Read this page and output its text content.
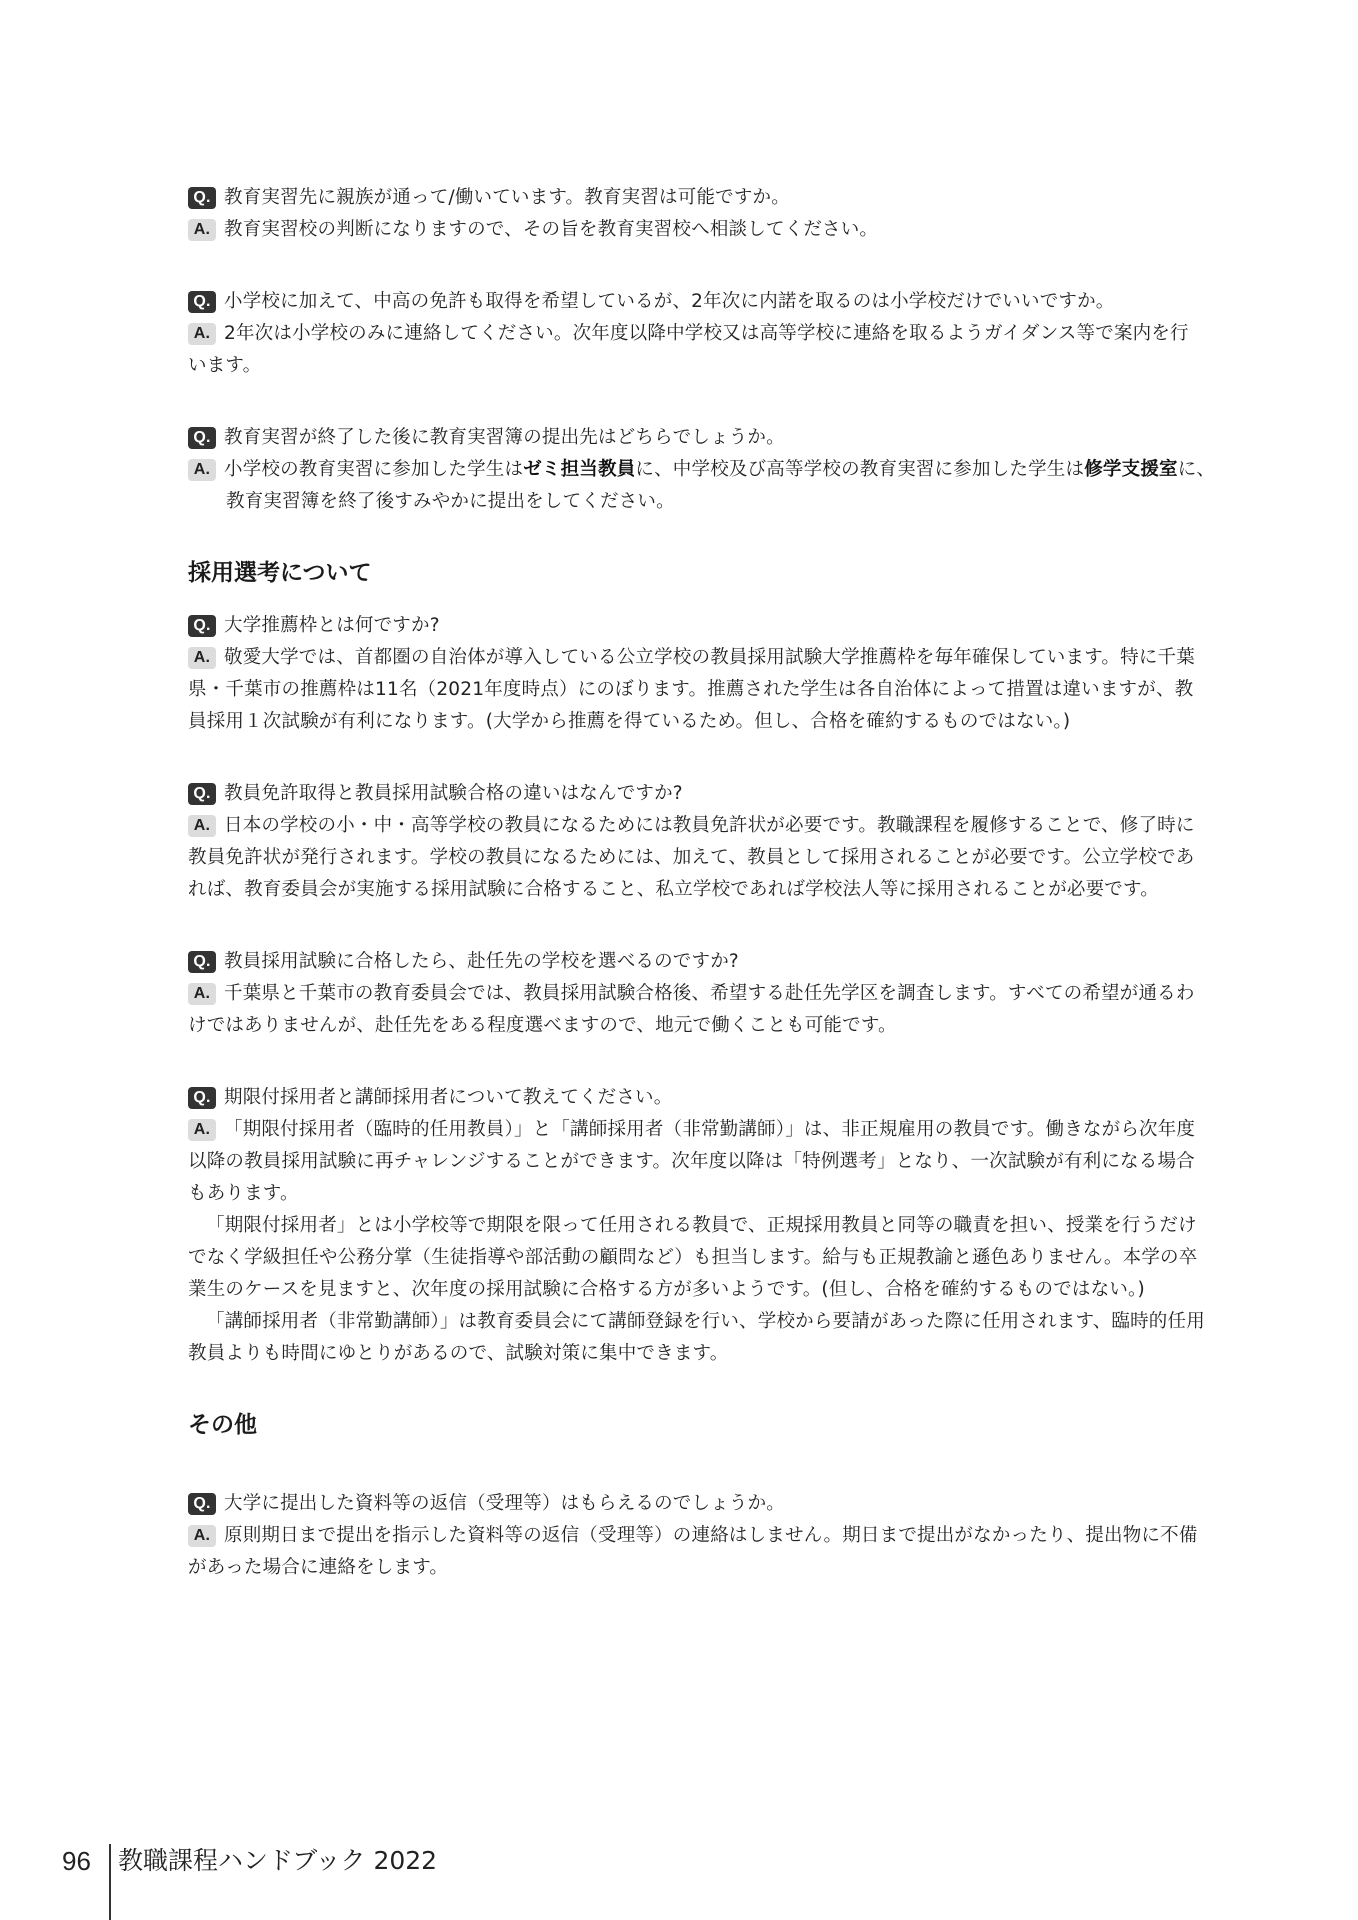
Q. 教育実習先に親族が通って/働いています。教育実習は可能ですか。

A. 教育実習校の判断になりますので、その旨を教育実習校へ相談してください。

Q. 小学校に加えて、中高の免許も取得を希望しているが、2年次に内諾を取るのは小学校だけでいいですか。

A. 2年次は小学校のみに連絡してください。次年度以降中学校又は高等学校に連絡を取るようガイダンス等で案内を行

います。

Q. 教育実習が終了した後に教育実習簿の提出先はどちらでしょうか。

A. 小学校の教育実習に参加した学生はゼミ担当教員に、中学校及び高等学校の教育実習に参加した学生は修学支援室に、

教育実習簿を終了後すみやかに提出をしてください。

採用選考について

Q. 大学推薦枠とは何ですか?

A. 敬愛大学では、首都圏の自治体が導入している公立学校の教員採用試験大学推薦枠を毎年確保しています。特に千葉

県・千葉市の推薦枠は11名（2021年度時点）にのぼります。推薦された学生は各自治体によって措置は違いますが、教

員採用１次試験が有利になります。(大学から推薦を得ているため。但し、合格を確約するものではない。)

Q. 教員免許取得と教員採用試験合格の違いはなんですか?

A. 日本の学校の小・中・高等学校の教員になるためには教員免許状が必要です。教職課程を履修することで、修了時に

教員免許状が発行されます。学校の教員になるためには、加えて、教員として採用されることが必要です。公立学校であ

れば、教育委員会が実施する採用試験に合格すること、私立学校であれば学校法人等に採用されることが必要です。

Q. 教員採用試験に合格したら、赴任先の学校を選べるのですか?

A. 千葉県と千葉市の教育委員会では、教員採用試験合格後、希望する赴任先学区を調査します。すべての希望が通るわ

けではありませんが、赴任先をある程度選べますので、地元で働くことも可能です。

Q. 期限付採用者と講師採用者について教えてください。

A. 「期限付採用者（臨時的任用教員）」と「講師採用者（非常勤講師）」は、非正規雇用の教員です。働きながら次年度

以降の教員採用試験に再チャレンジすることができます。次年度以降は「特例選考」となり、一次試験が有利になる場合

もあります。

「期限付採用者」とは小学校等で期限を限って任用される教員で、正規採用教員と同等の職責を担い、授業を行うだけ

でなく学級担任や公務分掌（生徒指導や部活動の顧問など）も担当します。給与も正規教諭と遜色ありません。本学の卒

業生のケースを見ますと、次年度の採用試験に合格する方が多いようです。(但し、合格を確約するものではない。)

「講師採用者（非常勤講師）」は教育委員会にて講師登録を行い、学校から要請があった際に任用されます、臨時的任用

教員よりも時間にゆとりがあるので、試験対策に集中できます。

その他

Q. 大学に提出した資料等の返信（受理等）はもらえるのでしょうか。

A. 原則期日まで提出を指示した資料等の返信（受理等）の連絡はしません。期日まで提出がなかったり、提出物に不備

があった場合に連絡をします。

96 教職課程ハンドブック 2022
